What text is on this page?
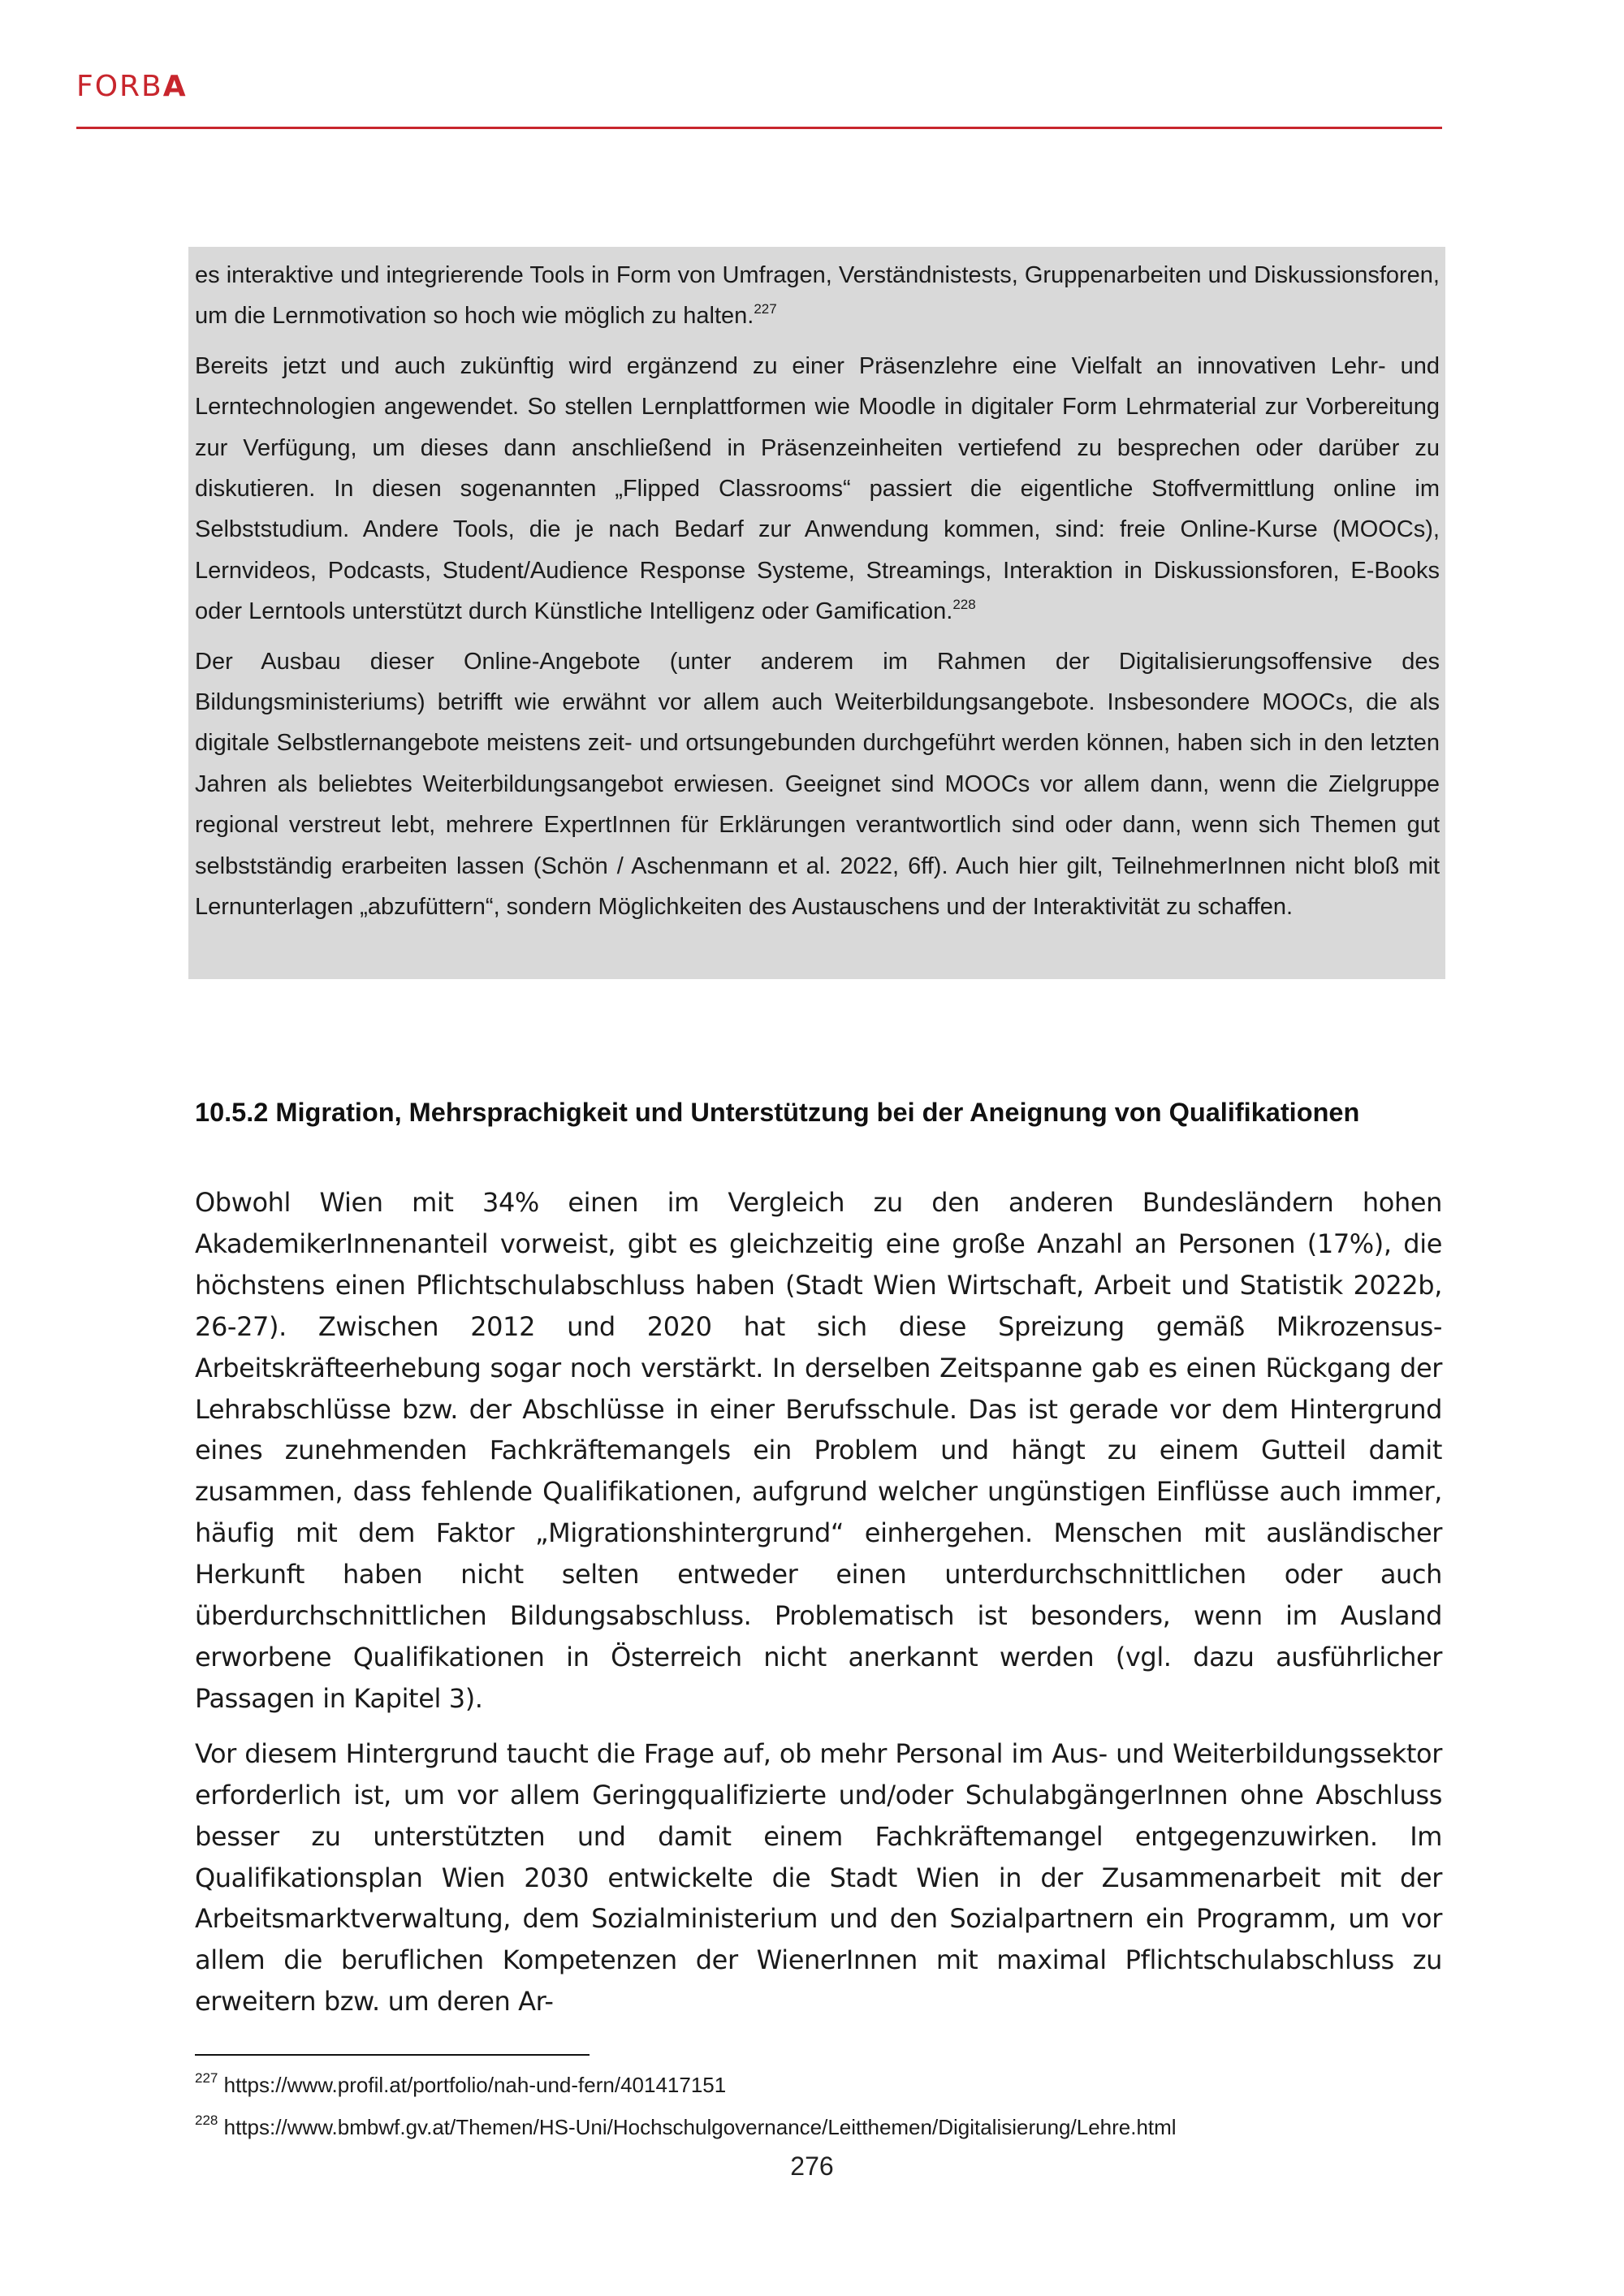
FORBA

es interaktive und integrierende Tools in Form von Umfragen, Verständnistests, Gruppenarbeiten und Diskussionsforen, um die Lernmotivation so hoch wie möglich zu halten.$^{227}$

Bereits jetzt und auch zukünftig wird ergänzend zu einer Präsenzlehre eine Vielfalt an innovativen Lehr- und Lerntechnologien angewendet. So stellen Lernplattformen wie Moodle in digitaler Form Lehrmaterial zur Vorbereitung zur Verfügung, um dieses dann anschließend in Präsenzeinheiten vertiefend zu besprechen oder darüber zu diskutieren. In diesen sogenannten „Flipped Classrooms“ passiert die eigentliche Stoffvermittlung online im Selbststudium. Andere Tools, die je nach Bedarf zur Anwendung kommen, sind: freie Online-Kurse (MOOCs), Lernvideos, Podcasts, Student/Audience Response Systeme, Streamings, Interaktion in Diskussionsforen, E-Books oder Lerntools unterstützt durch Künstliche Intelligenz oder Gamification.$^{228}$

Der Ausbau dieser Online-Angebote (unter anderem im Rahmen der Digitalisierungsoffensive des Bildungsministeriums) betrifft wie erwähnt vor allem auch Weiterbildungsangebote. Insbesondere MOOCs, die als digitale Selbstlernangebote meistens zeit- und ortsungebunden durchgeführt werden können, haben sich in den letzten Jahren als beliebtes Weiterbildungsangebot erwiesen. Geeignet sind MOOCs vor allem dann, wenn die Zielgruppe regional verstreut lebt, mehrere ExpertInnen für Erklärungen verantwortlich sind oder dann, wenn sich Themen gut selbstständig erarbeiten lassen (Schön / Aschenmann et al. 2022, 6ff). Auch hier gilt, TeilnehmerInnen nicht bloß mit Lernunterlagen „abzufüttern“, sondern Möglichkeiten des Austauschens und der Interaktivität zu schaffen.

10.5.2 Migration, Mehrsprachigkeit und Unterstützung bei der Aneignung von Qualifikationen

Obwohl Wien mit 34% einen im Vergleich zu den anderen Bundesländern hohen AkademikerInnenanteil vorweist, gibt es gleichzeitig eine große Anzahl an Personen (17%), die höchstens einen Pflichtschulabschluss haben (Stadt Wien Wirtschaft, Arbeit und Statistik 2022b, 26-27). Zwischen 2012 und 2020 hat sich diese Spreizung gemäß Mikrozensus-Arbeitskräfteerhebung sogar noch verstärkt. In derselben Zeitspanne gab es einen Rückgang der Lehrabschlüsse bzw. der Abschlüsse in einer Berufsschule. Das ist gerade vor dem Hintergrund eines zunehmenden Fachkräftemangels ein Problem und hängt zu einem Gutteil damit zusammen, dass fehlende Qualifikationen, aufgrund welcher ungünstigen Einflüsse auch immer, häufig mit dem Faktor „Migrationshintergrund“ einhergehen. Menschen mit ausländischer Herkunft haben nicht selten entweder einen unterdurchschnittlichen oder auch überdurchschnittlichen Bildungsabschluss. Problematisch ist besonders, wenn im Ausland erworbene Qualifikationen in Österreich nicht anerkannt werden (vgl. dazu ausführlicher Passagen in Kapitel 3).

Vor diesem Hintergrund taucht die Frage auf, ob mehr Personal im Aus- und Weiterbildungssektor erforderlich ist, um vor allem Geringqualifizierte und/oder SchulabgängerInnen ohne Abschluss besser zu unterstützten und damit einem Fachkräftemangel entgegenzuwirken. Im Qualifikationsplan Wien 2030 entwickelte die Stadt Wien in der Zusammenarbeit mit der Arbeitsmarktverwaltung, dem Sozialministerium und den Sozialpartnern ein Programm, um vor allem die beruflichen Kompetenzen der WienerInnen mit maximal Pflichtschulabschluss zu erweitern bzw. um deren Ar-

$^{227}$ https://www.profil.at/portfolio/nah-und-fern/401417151
$^{228}$ https://www.bmbwf.gv.at/Themen/HS-Uni/Hochschulgovernance/Leitthemen/Digitalisierung/Lehre.html
276
